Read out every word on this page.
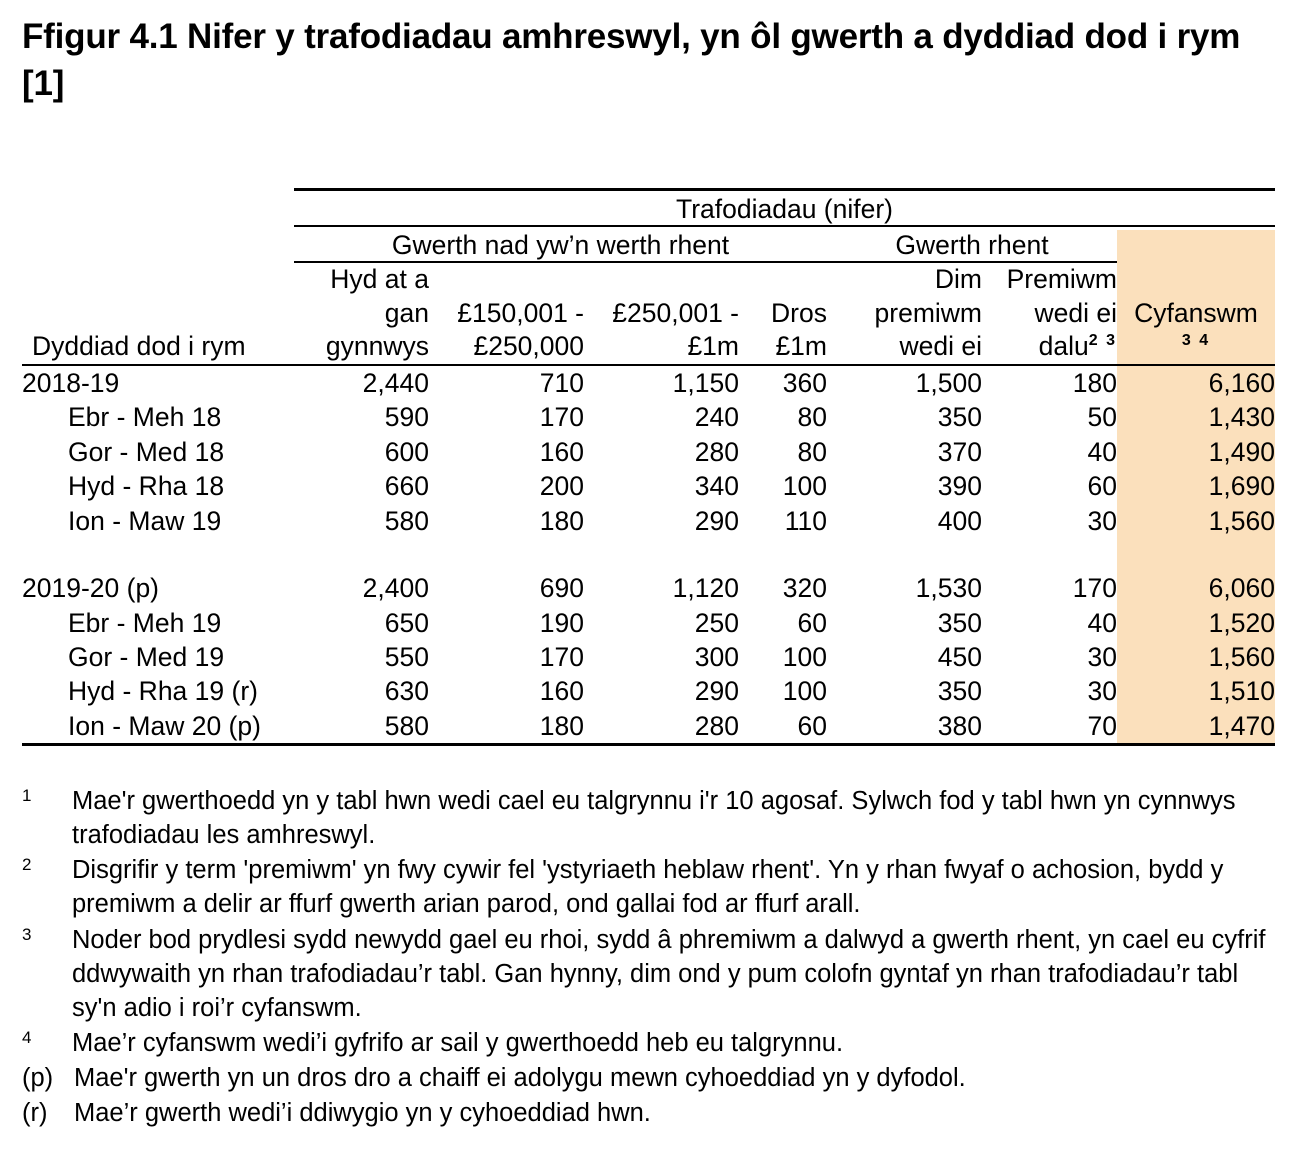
Ffigur 4.1 Nifer y trafodiadau amhreswyl, yn ôl gwerth a dyddiad dod i rym [1]

	Trafodiadau (nifer)						

	Gwerth nad yw’n werth rhent				Gwerth rhent		
	Hyd at a				Dim	Premiwm	
	gan	£150,001 -	£250,001 -	Dros	premiwm	wedi ei	Cyfanswm
Dyddiad dod i rym	gynnwys	£250,000	£1m	£1m	wedi ei	dalu$^{2 3}$	$^{3 4}$
2018-19	2,440	710	1,150	360	1,500	180	6,160
Ebr - Meh 18	590	170	240	80	350	50	1,430
Gor - Med 18	600	160	280	80	370	40	1,490
Hyd - Rha 18	660	200	340	100	390	60	1,690
Ion - Maw 19	580	180	290	110	400	30	1,560

2019-20 (p)	2,400	690	1,120	320	1,530	170	6,060
Ebr - Meh 19	650	190	250	60	350	40	1,520
Gor - Med 19	550	170	300	100	450	30	1,560
Hyd - Rha 19 (r)	630	160	290	100	350	30	1,510
Ion - Maw 20 (p)	580	180	280	60	380	70	1,470

1	Mae'r gwerthoedd yn y tabl hwn wedi cael eu talgrynnu i'r 10 agosaf. Sylwch fod y tabl hwn yn cynnwys trafodiadau les amhreswyl.
2	Disgrifir y term 'premiwm' yn fwy cywir fel 'ystyriaeth heblaw rhent'. Yn y rhan fwyaf o achosion, bydd y premiwm a delir ar ffurf gwerth arian parod, ond gallai fod ar ffurf arall.
3	Noder bod prydlesi sydd newydd gael eu rhoi, sydd â phremiwm a dalwyd a gwerth rhent, yn cael eu cyfrif ddwywaith yn rhan trafodiadau’r tabl. Gan hynny, dim ond y pum colofn gyntaf yn rhan trafodiadau’r tabl sy'n adio i roi’r cyfanswm.
4	Mae’r cyfanswm wedi’i gyfrifo ar sail y gwerthoedd heb eu talgrynnu.
(p) Mae'r gwerth yn un dros dro a chaiff ei adolygu mewn cyhoeddiad yn y dyfodol.
(r)	Mae’r gwerth wedi’i ddiwygio yn y cyhoeddiad hwn.
